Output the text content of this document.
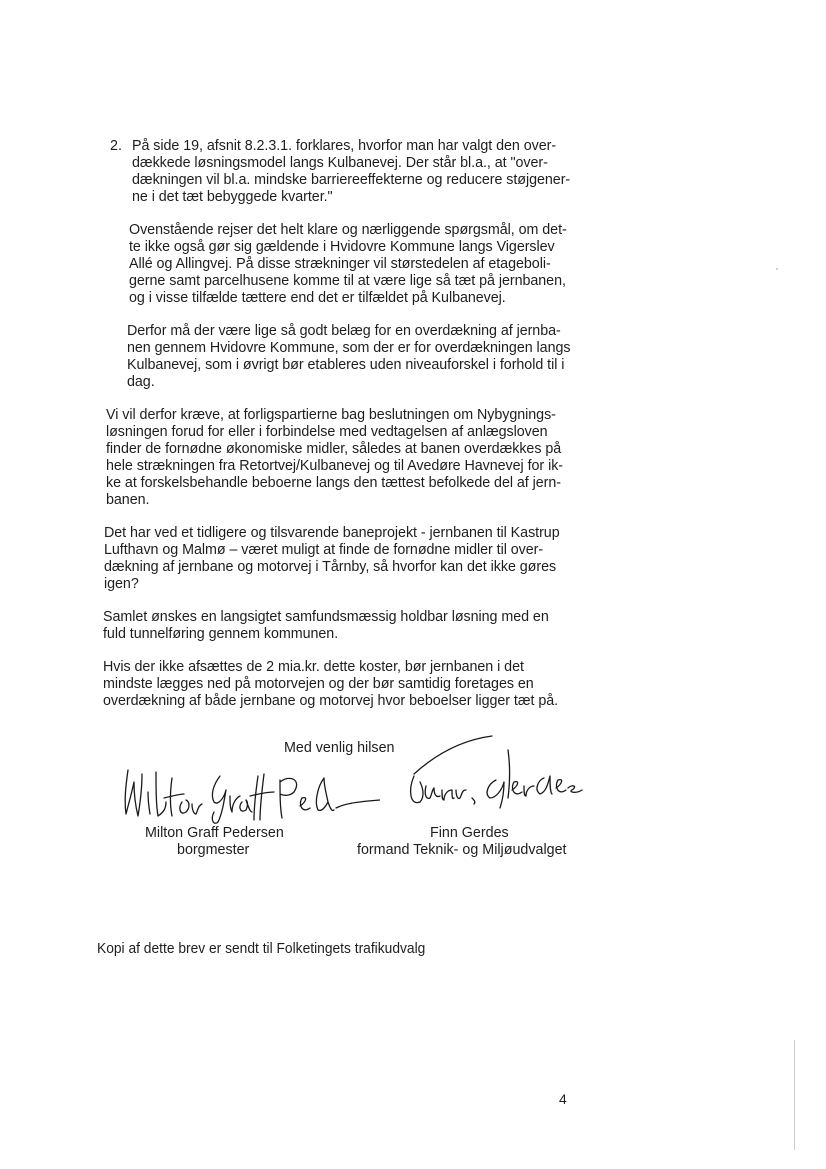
2. På side 19, afsnit 8.2.3.1. forklares, hvorfor man har valgt den over-
dækkede løsningsmodel langs Kulbanevej. Der står bl.a., at "over-
dækningen vil bl.a. mindske barriereeffekterne og reducere støjgener-
ne i det tæt bebyggede kvarter."
Ovenstående rejser det helt klare og nærliggende spørgsmål, om det-
te ikke også gør sig gældende i Hvidovre Kommune langs Vigerslev
Allé og Allingvej. På disse strækninger vil størstedelen af etageboli-
gerne samt parcelhusene komme til at være lige så tæt på jernbanen,
og i visse tilfælde tættere end det er tilfældet på Kulbanevej.
Derfor må der være lige så godt belæg for en overdækning af jernba-
nen gennem Hvidovre Kommune, som der er for overdækningen langs
Kulbanevej, som i øvrigt bør etableres uden niveauforskel i forhold til i
dag.
Vi vil derfor kræve, at forligspartierne bag beslutningen om Nybygnings-
løsningen forud for eller i forbindelse med vedtagelsen af anlægsloven
finder de fornødne økonomiske midler, således at banen overdækkes på
hele strækningen fra Retortvej/Kulbanevej og til Avedøre Havnevej for ik-
ke at forskelsbehandle beboerne langs den tættest befolkede del af jern-
banen.
Det har ved et tidligere og tilsvarende baneprojekt - jernbanen til Kastrup
Lufthavn og Malmø – været muligt at finde de fornødne midler til over-
dækning af jernbane og motorvej i Tårnby, så hvorfor kan det ikke gøres
igen?
Samlet ønskes en langsigtet samfundsmæssig holdbar løsning med en
fuld tunnelføring gennem kommunen.
Hvis der ikke afsættes de 2 mia.kr. dette koster, bør jernbanen i det
mindste lægges ned på motorvejen og der bør samtidig foretages en
overdækning af både jernbane og motorvej hvor beboelser ligger tæt på.
Med venlig hilsen
Milton Graff Pedersen
borgmester
Finn Gerdes
formand Teknik- og Miljøudvalget
Kopi af dette brev er sendt til Folketingets trafikudvalg
4
